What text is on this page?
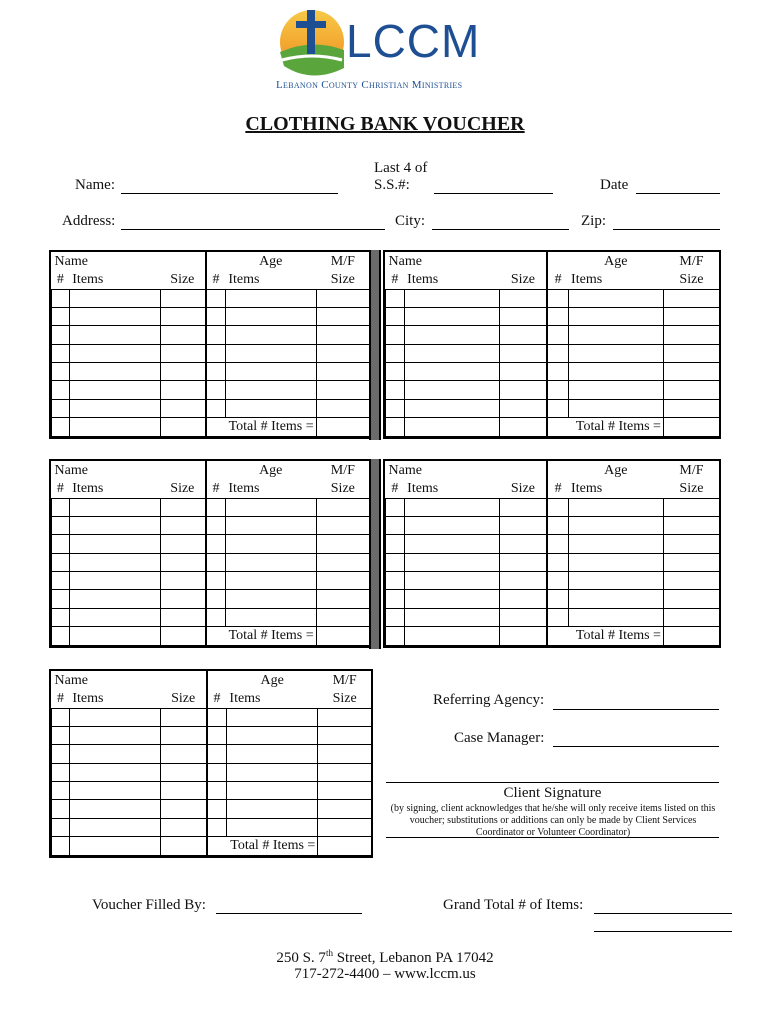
LCCM
Lebanon County Christian Ministries
CLOTHING BANK VOUCHER
Name:
Last 4 of
S.S.#:	Date
Address:	City:	Zip:
Name				Age	M/F
#	Items	Size	#	Items	Size

			Total # Items =		
Name				Age	M/F
#	Items	Size	#	Items	Size

			Total # Items =		
Name				Age	M/F
#	Items	Size	#	Items	Size

			Total # Items =		
Name				Age	M/F
#	Items	Size	#	Items	Size

			Total # Items =		
Name				Age	M/F
#	Items	Size	#	Items	Size

			Total # Items =		
Referring Agency:
Case Manager:
Client Signature
(by signing, client acknowledges that he/she will only receive items listed on this voucher; substitutions or additions can only be made by Client Services Coordinator or Volunteer Coordinator)
Voucher Filled By:	Grand Total # of Items:
250 S. 7th Street, Lebanon PA 17042
717-272-4400 – www.lccm.us
